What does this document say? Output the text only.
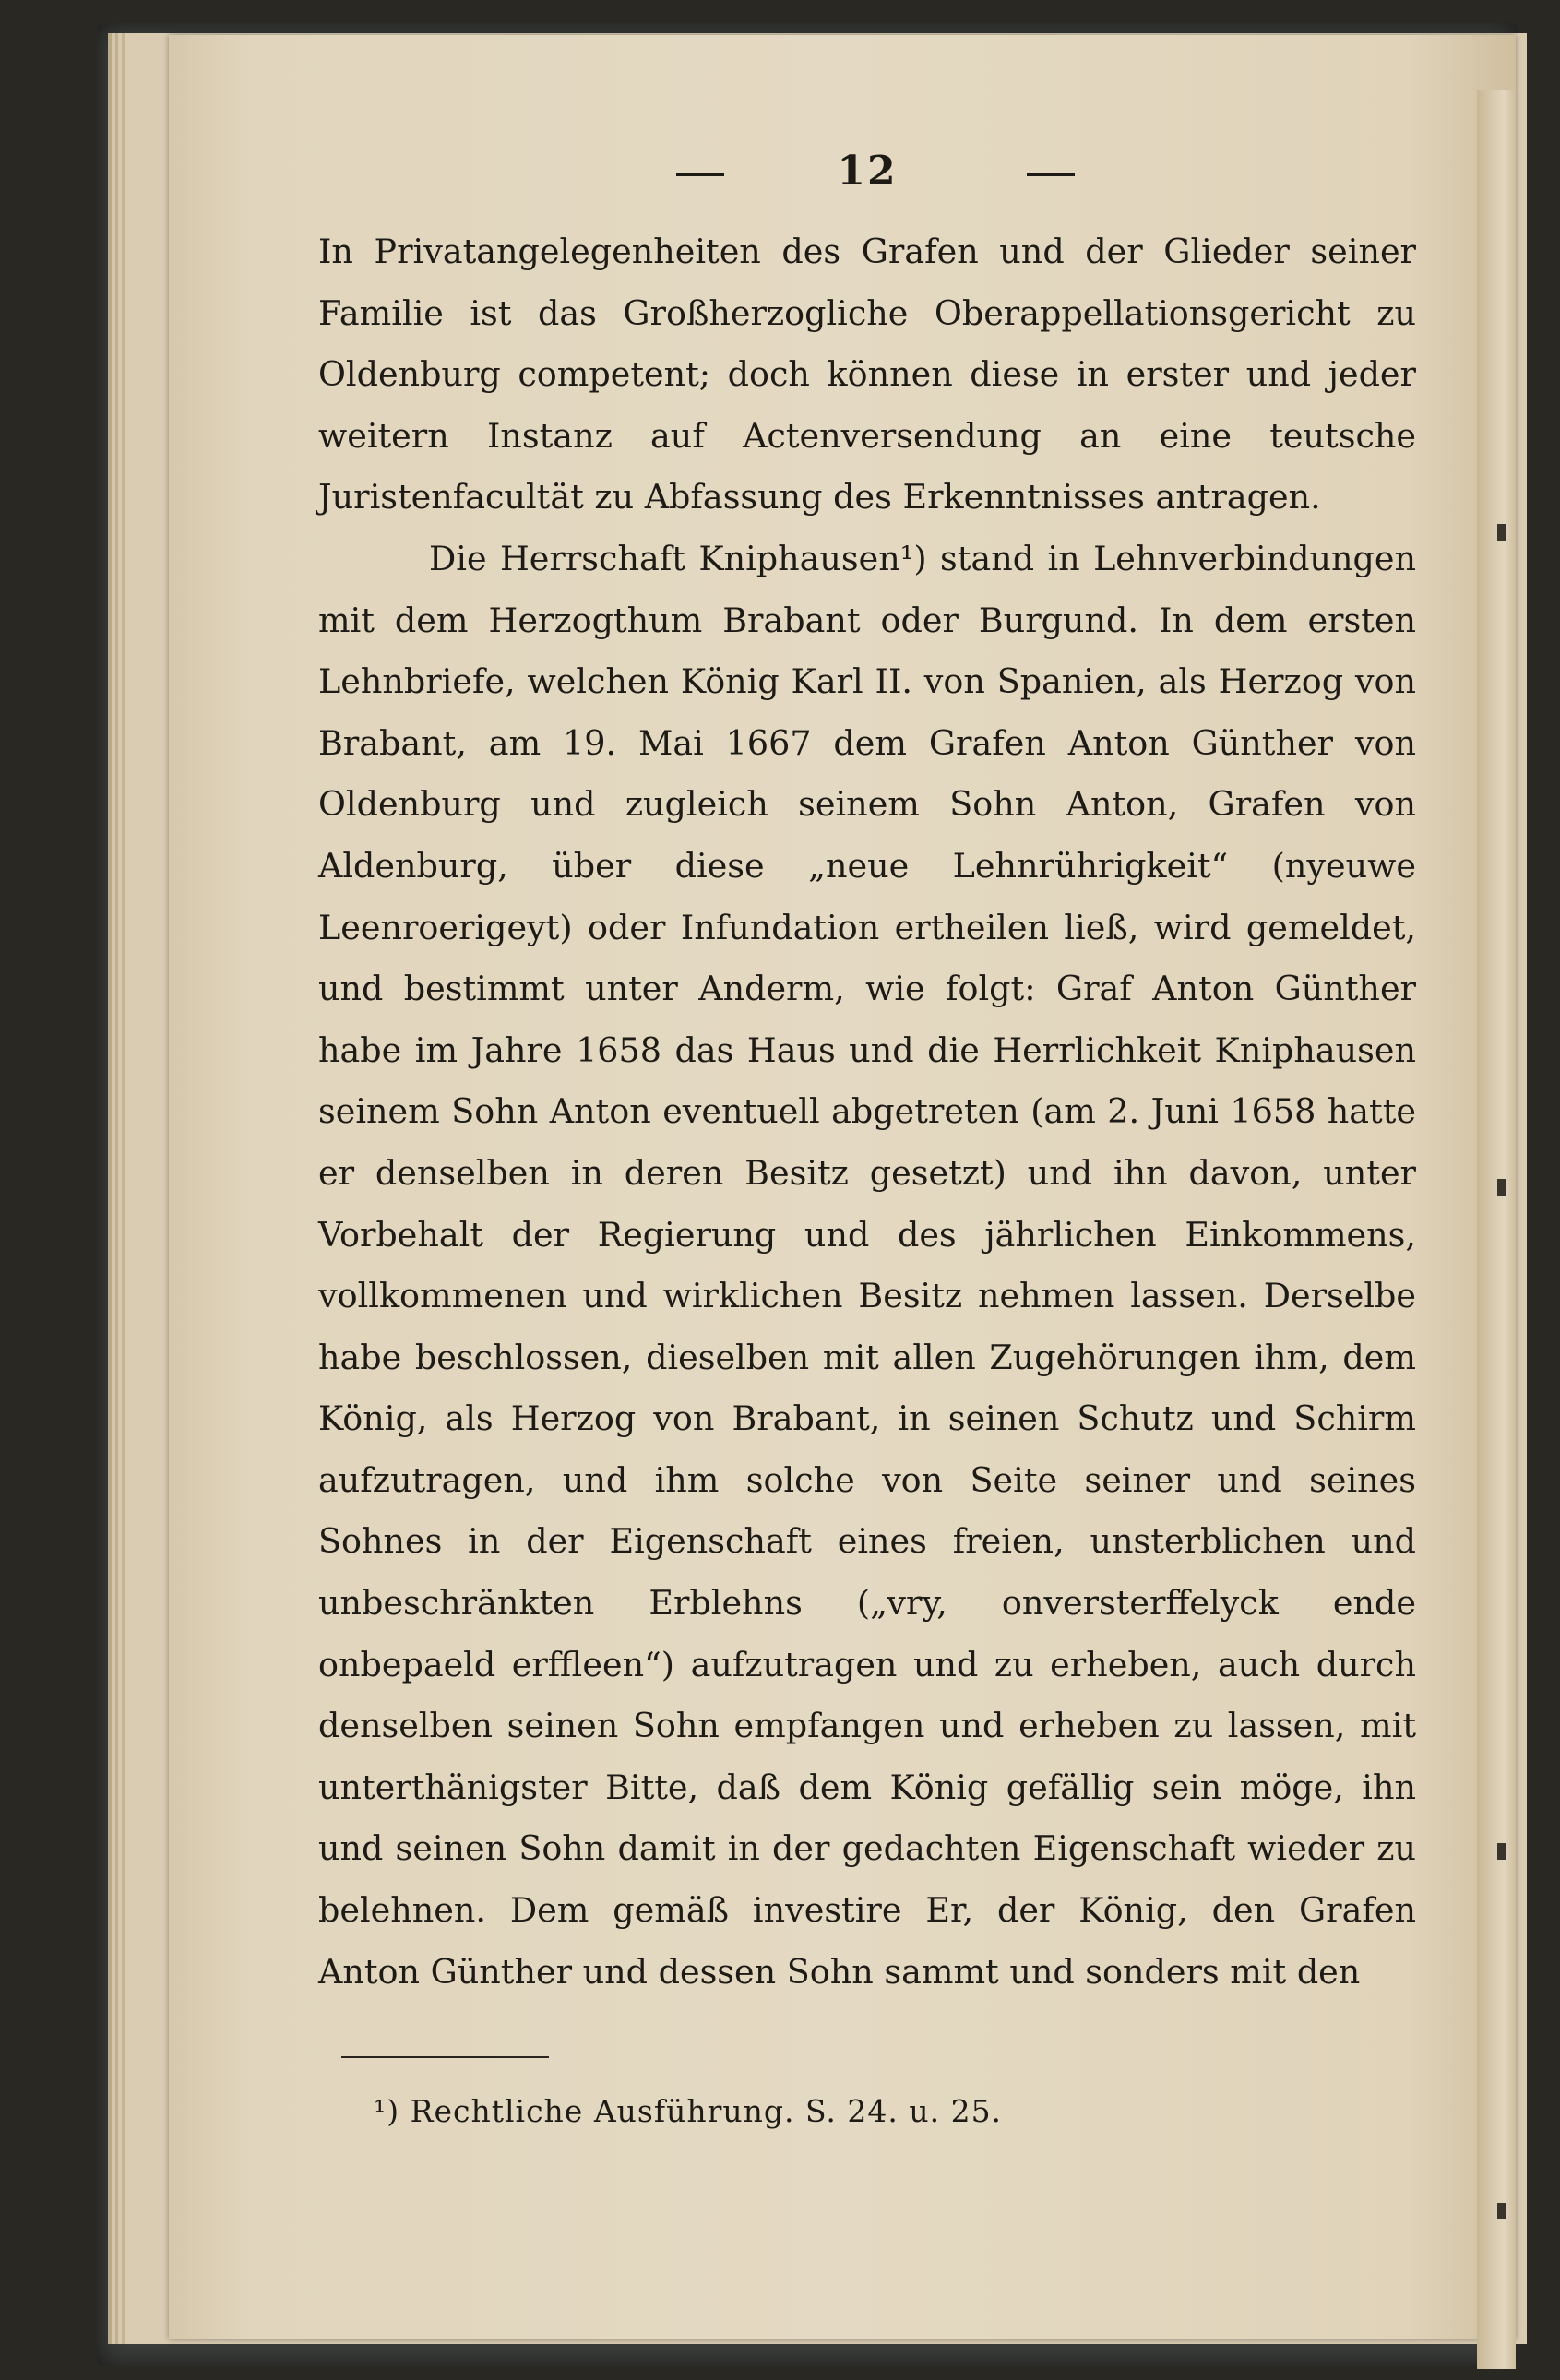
12

In Privatangelegenheiten des Grafen und der Glieder seiner Familie ist das Großherzogliche Oberappellationsgericht zu Oldenburg competent; doch können diese in erster und jeder weitern Instanz auf Actenversendung an eine teutsche Juristenfacultät zu Abfassung des Erkenntnisses antragen.

Die Herrschaft Kniphausen¹) stand in Lehnverbindungen mit dem Herzogthum Brabant oder Burgund. In dem ersten Lehnbriefe, welchen König Karl II. von Spanien, als Herzog von Brabant, am 19. Mai 1667 dem Grafen Anton Günther von Oldenburg und zugleich seinem Sohn Anton, Grafen von Aldenburg, über diese „neue Lehnrührigkeit“ (nyeuwe Leenroerigeyt) oder Infundation ertheilen ließ, wird gemeldet, und bestimmt unter Anderm, wie folgt: Graf Anton Günther habe im Jahre 1658 das Haus und die Herrlichkeit Kniphausen seinem Sohn Anton eventuell abgetreten (am 2. Juni 1658 hatte er denselben in deren Besitz gesetzt) und ihn davon, unter Vorbehalt der Regierung und des jährlichen Einkommens, vollkommenen und wirklichen Besitz nehmen lassen. Derselbe habe beschlossen, dieselben mit allen Zugehörungen ihm, dem König, als Herzog von Brabant, in seinen Schutz und Schirm aufzutragen, und ihm solche von Seite seiner und seines Sohnes in der Eigenschaft eines freien, unsterblichen und unbeschränkten Erblehns („vry, onversterffelyck ende onbepaeld erffleen“) aufzutragen und zu erheben, auch durch denselben seinen Sohn empfangen und erheben zu lassen, mit unterthänigster Bitte, daß dem König gefällig sein möge, ihn und seinen Sohn damit in der gedachten Eigenschaft wieder zu belehnen. Dem gemäß investire Er, der König, den Grafen Anton Günther und dessen Sohn sammt und sonders mit den

¹) Rechtliche Ausführung. S. 24. u. 25.
